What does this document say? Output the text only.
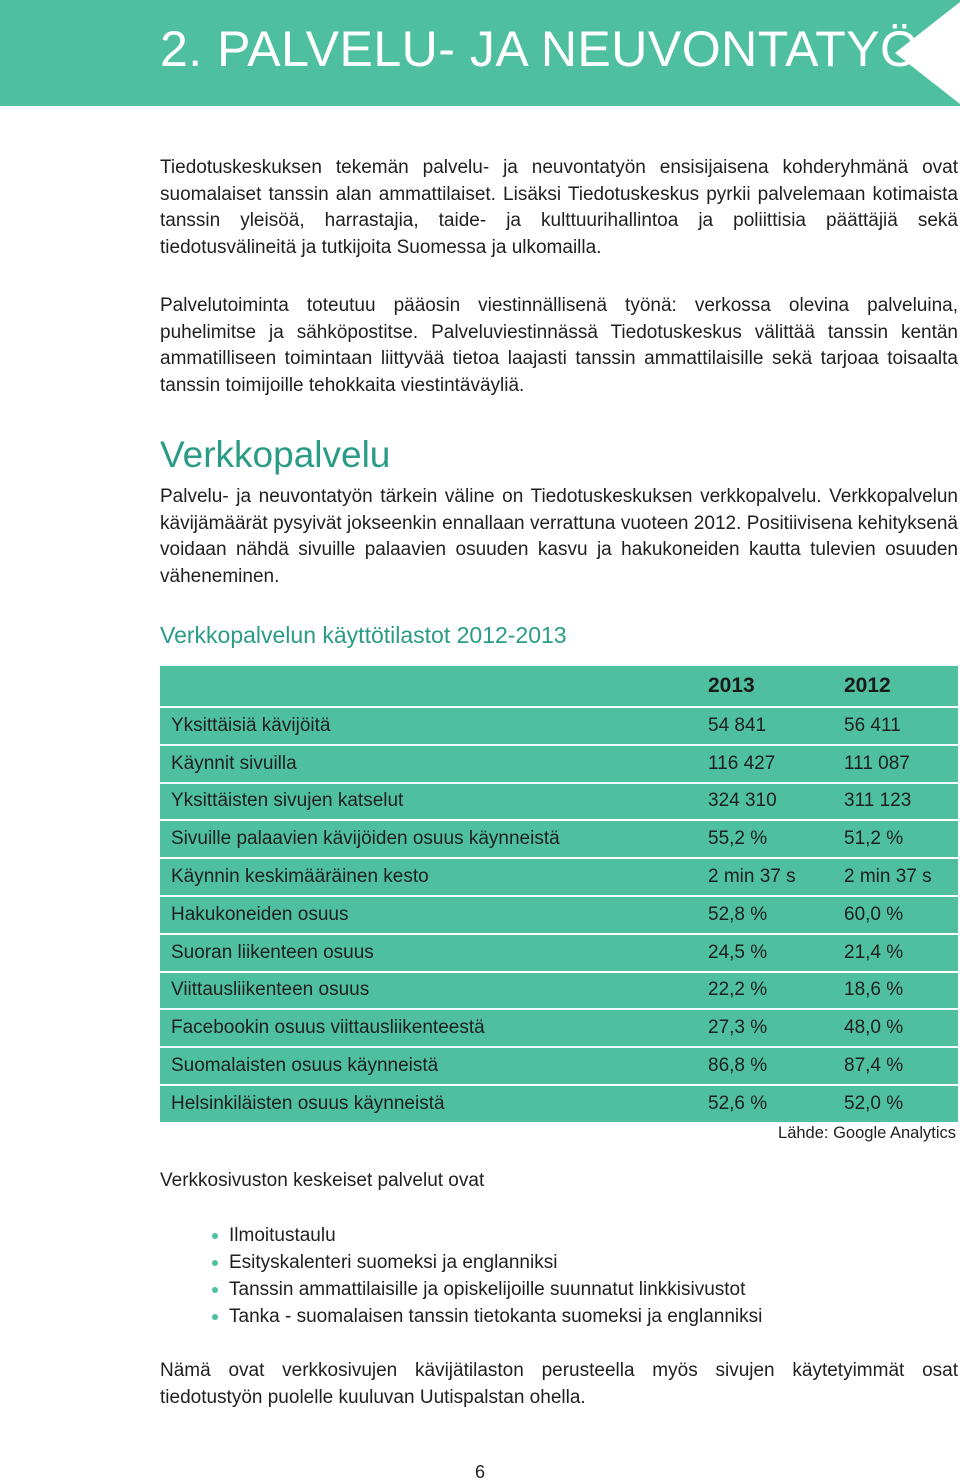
2. PALVELU- JA NEUVONTATYÖ

Tiedotuskeskuksen tekemän palvelu- ja neuvontatyön ensisijaisena kohderyhmänä ovat suomalaiset tanssin alan ammattilaiset. Lisäksi Tiedotuskeskus pyrkii palvelemaan kotimaista tanssin yleisöä, harrastajia, taide- ja kulttuurihallintoa ja poliittisia päättäjiä sekä tiedotusvälineitä ja tutkijoita Suomessa ja ulkomailla.

Palvelutoiminta toteutuu pääosin viestinnällisenä työnä: verkossa olevina palveluina, puhelimitse ja sähköpostitse. Palveluviestinnässä Tiedotuskeskus välittää tanssin kentän ammatilliseen toimintaan liittyvää tietoa laajasti tanssin ammattilaisille sekä tarjoaa toisaalta tanssin toimijoille tehokkaita viestintäväyliä.

Verkkopalvelu

Palvelu- ja neuvontatyön tärkein väline on Tiedotuskeskuksen verkkopalvelu. Verkkopalvelun kävijämäärät pysyivät jokseenkin ennallaan verrattuna vuoteen 2012. Positiivisena kehityksenä voidaan nähdä sivuille palaavien osuuden kasvu ja hakukoneiden kautta tulevien osuuden väheneminen.

Verkkopalvelun käyttötilastot 2012-2013
	2013	2012
Yksittäisiä kävijöitä	54 841	56 411
Käynnit sivuilla	116 427	111 087
Yksittäisten sivujen katselut	324 310	311 123
Sivuille palaavien kävijöiden osuus käynneistä	55,2 %	51,2 %
Käynnin keskimääräinen kesto	2 min 37 s	2 min 37 s
Hakukoneiden osuus	52,8 %	60,0 %
Suoran liikenteen osuus	24,5 %	21,4 %
Viittausliikenteen osuus	22,2 %	18,6 %
Facebookin osuus viittausliikenteestä	27,3 %	48,0 %
Suomalaisten osuus käynneistä	86,8 %	87,4 %
Helsinkiläisten osuus käynneistä	52,6 %	52,0 %

Lähde: Google Analytics

Verkkosivuston keskeiset palvelut ovat

Ilmoitustaulu
Esityskalenteri suomeksi ja englanniksi
Tanssin ammattilaisille ja opiskelijoille suunnatut linkkisivustot
Tanka - suomalaisen tanssin tietokanta suomeksi ja englanniksi

Nämä ovat verkkosivujen kävijätilaston perusteella myös sivujen käytetyimmät osat tiedotustyön puolelle kuuluvan Uutispalstan ohella.

6
